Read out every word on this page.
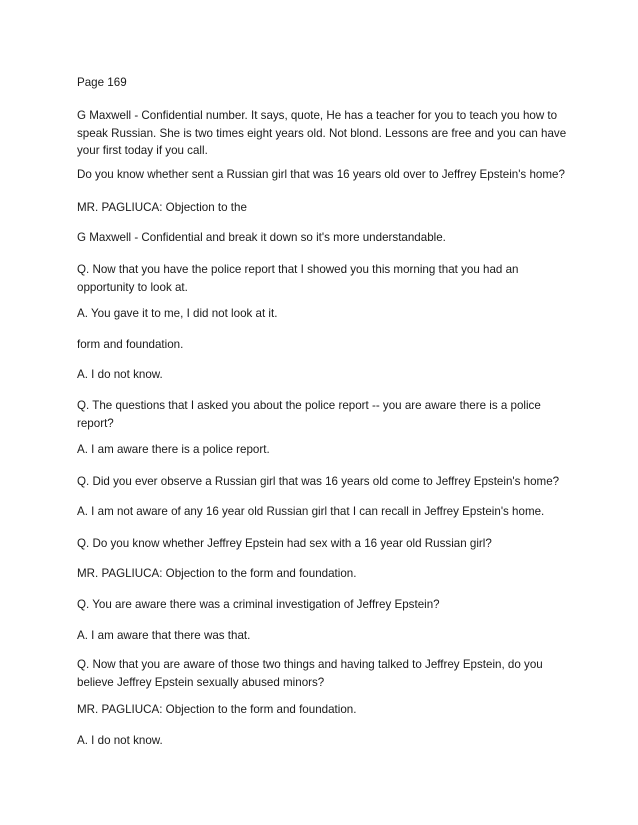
Page 169

G Maxwell - Confidential number. It says, quote, He has a teacher for you to teach you how to speak Russian. She is two times eight years old. Not blond. Lessons are free and you can have your first today if you call.

Do you know whether sent a Russian girl that was 16 years old over to Jeffrey Epstein's home?

MR. PAGLIUCA: Objection to the

G Maxwell - Confidential and break it down so it's more understandable.

Q. Now that you have the police report that I showed you this morning that you had an opportunity to look at.

A. You gave it to me, I did not look at it.

form and foundation.

A. I do not know.

Q. The questions that I asked you about the police report -- you are aware there is a police report?

A. I am aware there is a police report.

Q. Did you ever observe a Russian girl that was 16 years old come to Jeffrey Epstein's home?

A. I am not aware of any 16 year old Russian girl that I can recall in Jeffrey Epstein's home.

Q. Do you know whether Jeffrey Epstein had sex with a 16 year old Russian girl?

MR. PAGLIUCA: Objection to the form and foundation.

Q. You are aware there was a criminal investigation of Jeffrey Epstein?

A. I am aware that there was that.

Q. Now that you are aware of those two things and having talked to Jeffrey Epstein, do you believe Jeffrey Epstein sexually abused minors?

MR. PAGLIUCA: Objection to the form and foundation.

A. I do not know.
